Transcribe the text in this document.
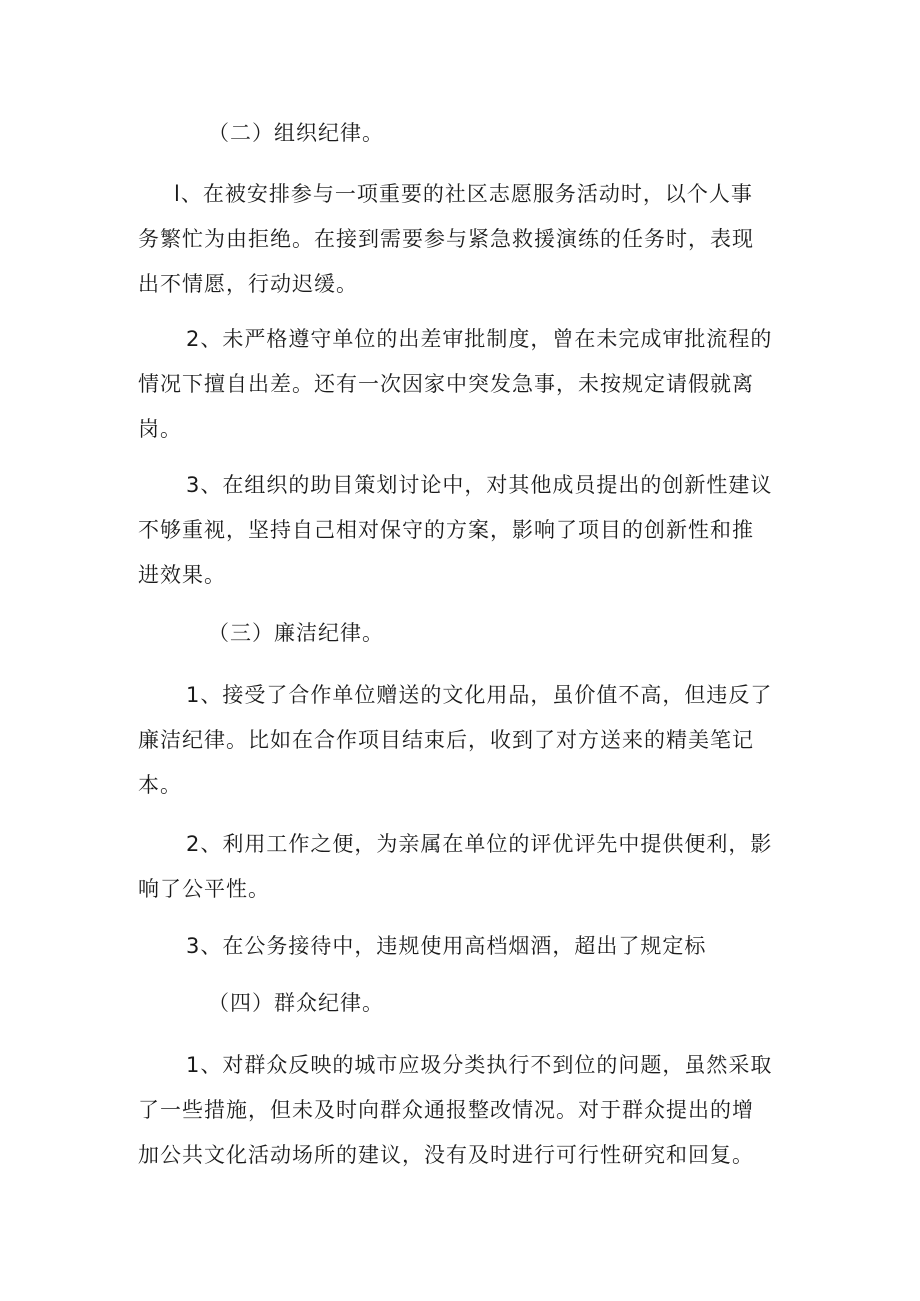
（二）组织纪律。
l、在被安排参与一项重要的社区志愿服务活动时，以个人事
务繁忙为由拒绝。在接到需要参与紧急救援演练的任务时，表现
出不情愿，行动迟缓。
2、未严格遵守单位的出差审批制度，曾在未完成审批流程的
情况下擅自出差。还有一次因家中突发急事，未按规定请假就离
岗。
3、在组织的助目策划讨论中，对其他成员提出的创新性建议
不够重视，坚持自己相对保守的方案，影响了项目的创新性和推
进效果。
（三）廉洁纪律。
1、接受了合作单位赠送的文化用品，虽价值不高，但违反了
廉洁纪律。比如在合作项目结束后，收到了对方送来的精美笔记
本。
2、利用工作之便，为亲属在单位的评优评先中提供便利，影
响了公平性。
3、在公务接待中，违规使用高档烟酒，超出了规定标
（四）群众纪律。
1、对群众反映的城市应圾分类执行不到位的问题，虽然采取
了一些措施，但未及时向群众通报整改情况。对于群众提出的增
加公共文化活动场所的建议，没有及时进行可行性研究和回复。
